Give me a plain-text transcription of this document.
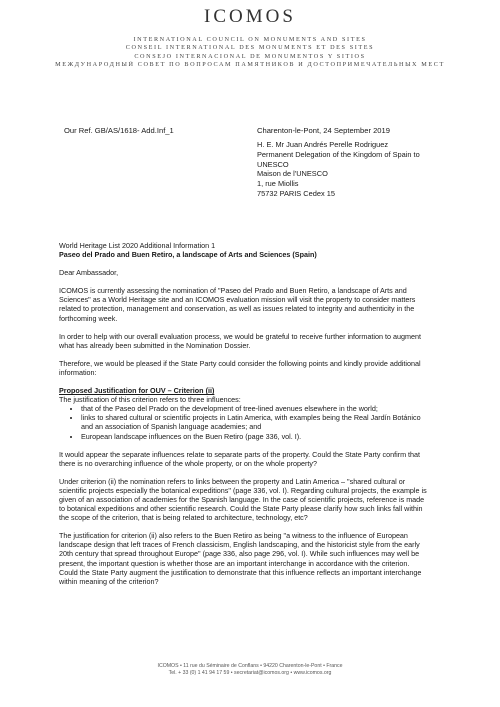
ICOMOS
INTERNATIONAL COUNCIL ON MONUMENTS AND SITES
CONSEIL INTERNATIONAL DES MONUMENTS ET DES SITES
CONSEJO INTERNACIONAL DE MONUMENTOS Y SITIOS
МЕЖДУНАРОДНЫЙ СОВЕТ ПО ВОПРОСАМ ПАМЯТНИКОВ И ДОСТОПРИМЕЧАТЕЛЬНЫХ МЕСТ
Our Ref. GB/AS/1618- Add.Inf_1	Charenton-le-Pont, 24 September 2019
H. E. Mr Juan Andrés Perelle Rodriguez
Permanent Delegation of the Kingdom of Spain to
UNESCO
Maison de l'UNESCO
1, rue Miollis
75732 PARIS Cedex 15

World Heritage List 2020 Additional Information 1

Paseo del Prado and Buen Retiro, a landscape of Arts and Sciences (Spain)

Dear Ambassador,

ICOMOS is currently assessing the nomination of "Paseo del Prado and Buen Retiro, a landscape of Arts and Sciences" as a World Heritage site and an ICOMOS evaluation mission will visit the property to consider matters related to protection, management and conservation, as well as issues related to integrity and authenticity in the forthcoming week.

In order to help with our overall evaluation process, we would be grateful to receive further information to augment what has already been submitted in the Nomination Dossier.

Therefore, we would be pleased if the State Party could consider the following points and kindly provide additional information:

Proposed Justification for OUV – Criterion (ii)

The justification of this criterion refers to three influences:

• that of the Paseo del Prado on the development of tree-lined avenues elsewhere in the world;
• links to shared cultural or scientific projects in Latin America, with examples being the Real Jardín Botánico and an association of Spanish language academies; and
• European landscape influences on the Buen Retiro (page 336, vol. I).

It would appear the separate influences relate to separate parts of the property. Could the State Party confirm that there is no overarching influence of the whole property, or on the whole property?

Under criterion (ii) the nomination refers to links between the property and Latin America – "shared cultural or scientific projects especially the botanical expeditions" (page 336, vol. I). Regarding cultural projects, the example is given of an association of academies for the Spanish language. In the case of scientific projects, reference is made to botanical expeditions and other scientific research. Could the State Party please clarify how such links fall within the scope of the criterion, that is being related to architecture, technology, etc?

The justification for criterion (ii) also refers to the Buen Retiro as being "a witness to the influence of European landscape design that left traces of French classicism, English landscaping, and the historicist style from the early 20th century that spread throughout Europe" (page 336, also page 296, vol. I). While such influences may well be present, the important question is whether those are an important interchange in accordance with the criterion. Could the State Party augment the justification to demonstrate that this influence reflects an important interchange within meaning of the criterion?

ICOMOS • 11 rue du Séminaire de Conflans • 94220 Charenton-le-Pont • France
Tel. + 33 (0) 1 41 94 17 59 • secretariat@icomos.org • www.icomos.org
